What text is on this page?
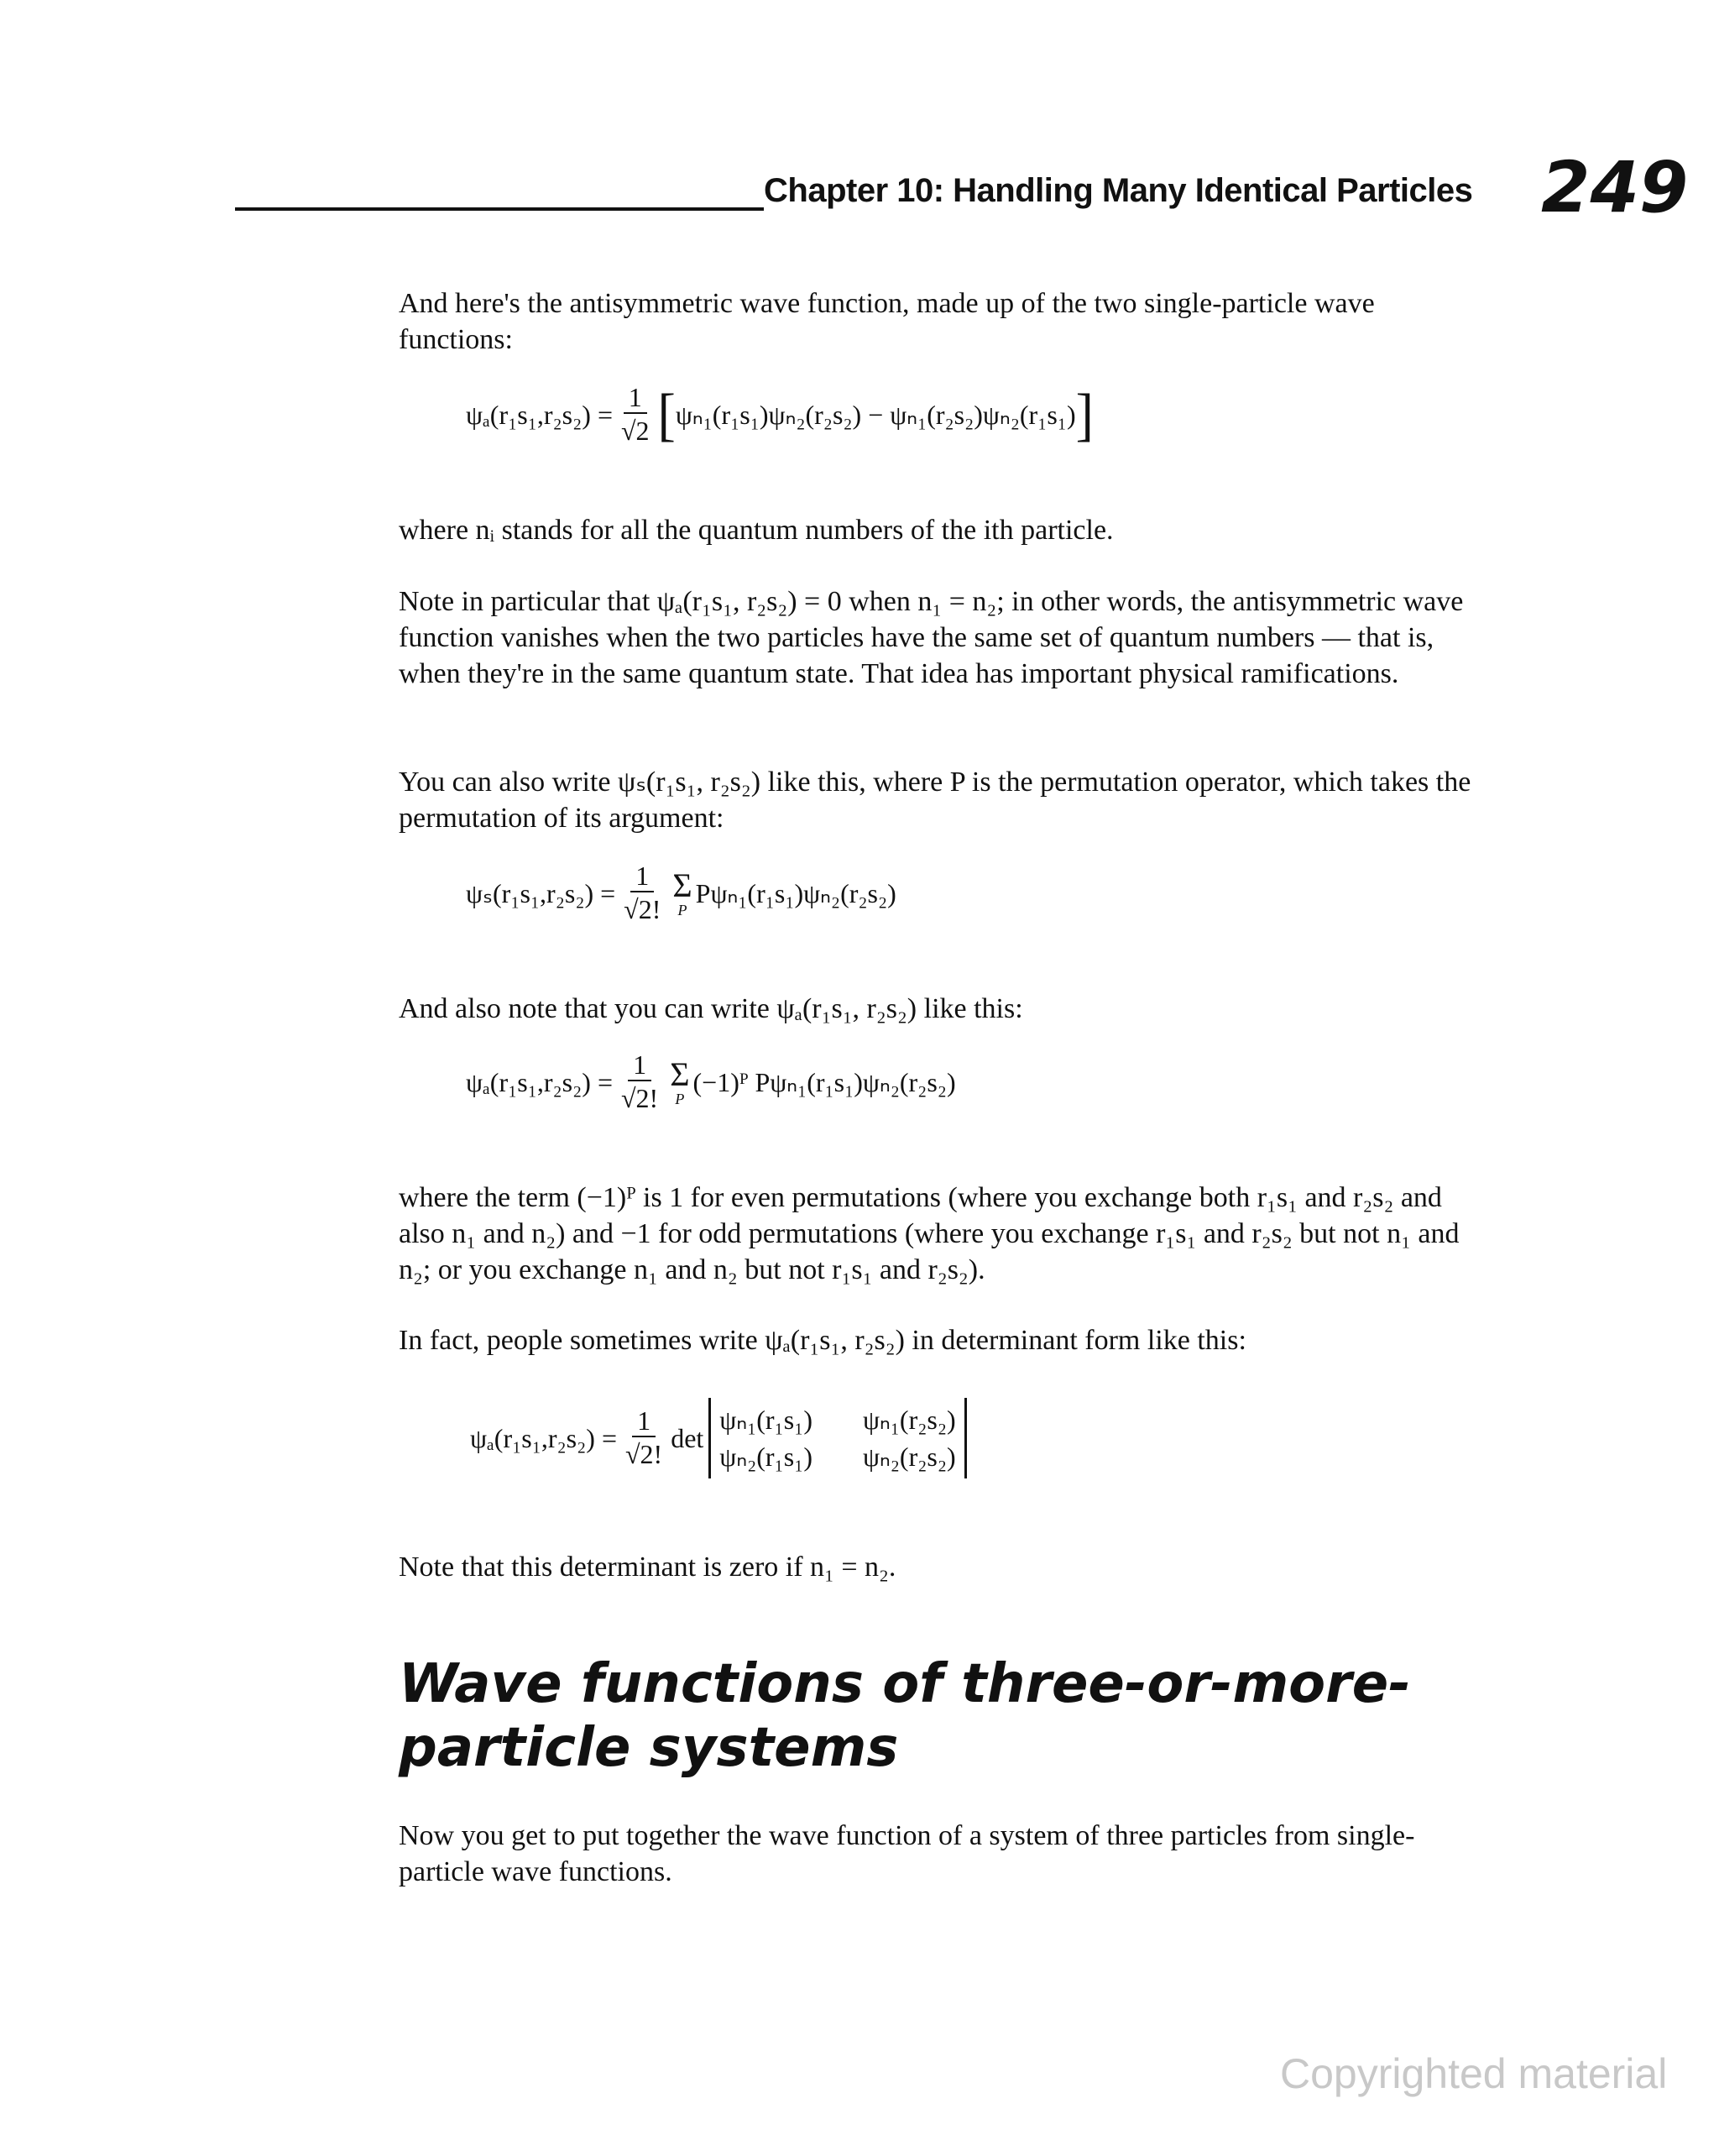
Chapter 10: Handling Many Identical Particles 249
And here's the antisymmetric wave function, made up of the two single-particle wave functions:
$\psi_a(r_1s_1,r_2s_2) = \frac{1}{√2}$ [ ψₙ₁(r₁s₁)ψₙ₂(r₂s₂) − ψₙ₁(r₂s₂)ψₙ₂(r₁s₁) ]
where nᵢ stands for all the quantum numbers of the ith particle.
Note in particular that ψₐ(r₁s₁, r₂s₂) = 0 when n₁ = n₂; in other words, the antisymmetric wave function vanishes when the two particles have the same set of quantum numbers — that is, when they're in the same quantum state. That idea has important physical ramifications.
You can also write ψₛ(r₁s₁, r₂s₂) like this, where P is the permutation operator, which takes the permutation of its argument:
$\psi_s(r_1s_1,r_2s_2) = \frac{1}{√2!}$ Σ
P
Pψₙ₁(r₁s₁)ψₙ₂(r₂s₂)
And also note that you can write ψₐ(r₁s₁, r₂s₂) like this:
$\psi_a(r_1s_1,r_2s_2) = \frac{1}{√2!}$ Σ
P
(−1)ᴾ Pψₙ₁(r₁s₁)ψₙ₂(r₂s₂)
where the term (−1)ᴾ is 1 for even permutations (where you exchange both r₁s₁ and r₂s₂ and also n₁ and n₂) and −1 for odd permutations (where you exchange r₁s₁ and r₂s₂ but not n₁ and n₂; or you exchange n₁ and n₂ but not r₁s₁ and r₂s₂).
In fact, people sometimes write ψₐ(r₁s₁, r₂s₂) in determinant form like this:
$\psi_a(r_1s_1,r_2s_2) = \frac{1}{√2!}$ det
ψₙ₁(r₁s₁) ψₙ₁(r₂s₂)
ψₙ₂(r₁s₁) ψₙ₂(r₂s₂)
Note that this determinant is zero if n₁ = n₂.
Wave functions of three-or-more-particle systems
Now you get to put together the wave function of a system of three particles from single-particle wave functions.
Copyrighted material
